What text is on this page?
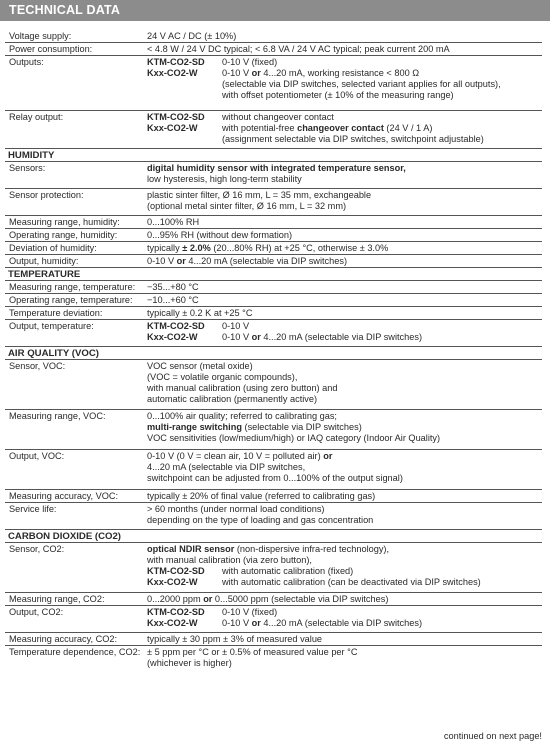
TECHNICAL DATA
Voltage supply:	24 V AC / DC (± 10%)
Power consumption:	< 4.8 W / 24 V DC typical; < 6.8 VA / 24 V AC typical; peak current 200 mA
Outputs:	KTM-CO2-SD 0-10 V (fixed)
Kxx-CO2-W	0-10 V or 4...20 mA, working resistance < 800 Ω
(selectable via DIP switches, selected variant applies for all outputs),
with offset potentiometer (± 10% of the measuring range)
Relay output:	KTM-CO2-SD without changeover contact
Kxx-CO2-W	with potential-free changeover contact (24 V / 1 A)
(assignment selectable via DIP switches, switchpoint adjustable)
HUMIDITY
Sensors:	digital humidity sensor with integrated temperature sensor,
low hysteresis, high long-term stability
Sensor protection:	plastic sinter filter, Ø 16 mm, L = 35 mm, exchangeable
(optional metal sinter filter, Ø 16 mm, L = 32 mm)
Measuring range, humidity:	0...100% RH
Operating range, humidity:	0...95% RH (without dew formation)
Deviation of humidity:	typically ± 2.0% (20...80% RH) at +25 °C, otherwise ± 3.0%
Output, humidity:	0-10 V or 4...20 mA (selectable via DIP switches)
TEMPERATURE
Measuring range, temperature:	−35...+80 °C
Operating range, temperature:	−10...+60 °C
Temperature deviation:	typically ± 0.2 K at +25 °C
Output, temperature:	KTM-CO2-SD 0-10 V
Kxx-CO2-W	0-10 V or 4...20 mA (selectable via DIP switches)
AIR QUALITY (VOC)
Sensor, VOC:	VOC sensor (metal oxide)
(VOC = volatile organic compounds),
with manual calibration (using zero button) and
automatic calibration (permanently active)
Measuring range, VOC:	0...100% air quality; referred to calibrating gas;
multi-range switching (selectable via DIP switches)
VOC sensitivities (low/medium/high) or IAQ category (Indoor Air Quality)
Output, VOC:	0-10 V (0 V = clean air, 10 V = polluted air) or
4...20 mA (selectable via DIP switches,
switchpoint can be adjusted from 0...100% of the output signal)
Measuring accuracy, VOC:	typically ± 20% of final value (referred to calibrating gas)
Service life:	> 60 months (under normal load conditions)
depending on the type of loading and gas concentration
CARBON DIOXIDE (CO2)
Sensor, CO2:	optical NDIR sensor (non-dispersive infra-red technology),
with manual calibration (via zero button),
KTM-CO2-SD with automatic calibration (fixed)
Kxx-CO2-W	with automatic calibration (can be deactivated via DIP switches)
Measuring range, CO2:	0...2000 ppm or 0...5000 ppm (selectable via DIP switches)
Output, CO2:	KTM-CO2-SD 0-10 V (fixed)
Kxx-CO2-W	0-10 V or 4...20 mA (selectable via DIP switches)
Measuring accuracy, CO2:	typically ± 30 ppm ± 3% of measured value
Temperature dependence, CO2: ± 5 ppm per °C or ± 0.5% of measured value per °C
(whichever is higher)
continued on next page!
